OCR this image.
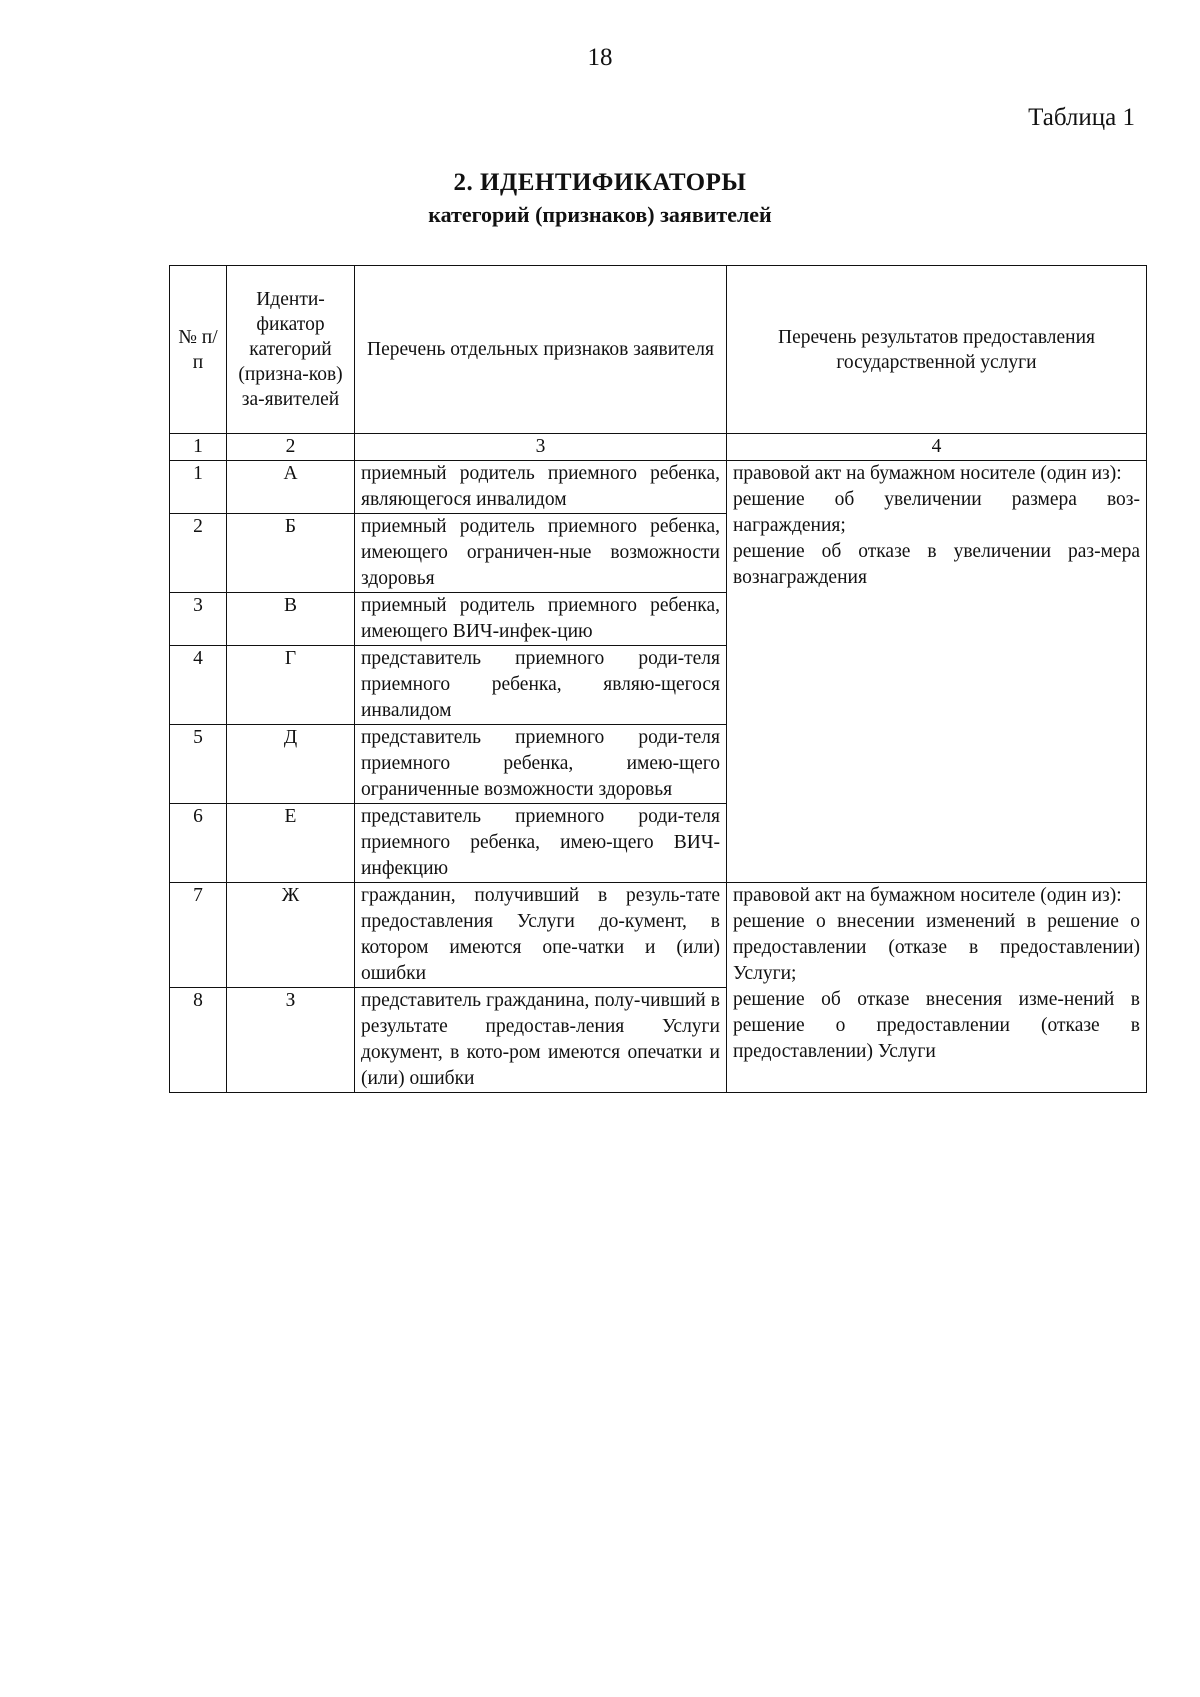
18
Таблица 1
2. ИДЕНТИФИКАТОРЫ
категорий (признаков) заявителей
№ п/п	Иденти-фикатор категорий (призна-ков) за-явителей	Перечень отдельных признаков заявителя	Перечень результатов предоставления государственной услуги
1	2	3	4
1	А	приемный родитель приемного ребенка, являющегося инвалидом	правовой акт на бумажном носителе (один из):

решение об увеличении размера воз-награждения;

решение об отказе в увеличении раз-мера вознаграждения

2	Б	приемный родитель приемного ребенка, имеющего ограничен-ные возможности здоровья	
3	В	приемный родитель приемного ребенка, имеющего ВИЧ-инфек-цию	
4	Г	представитель приемного роди-теля приемного ребенка, являю-щегося инвалидом	
5	Д	представитель приемного роди-теля приемного ребенка, имею-щего ограниченные возможности здоровья	
6	Е	представитель приемного роди-теля приемного ребенка, имею-щего ВИЧ-инфекцию	
7	Ж	гражданин, получивший в резуль-тате предоставления Услуги до-кумент, в котором имеются опе-чатки и (или) ошибки	правовой акт на бумажном носителе (один из):

решение о внесении изменений в решение о предоставлении (отказе в предоставлении) Услуги;

решение об отказе внесения изме-нений в решение о предоставлении (отказе в предоставлении) Услуги

8	З	представитель гражданина, полу-чивший в результате предостав-ления Услуги документ, в кото-ром имеются опечатки и (или) ошибки	
